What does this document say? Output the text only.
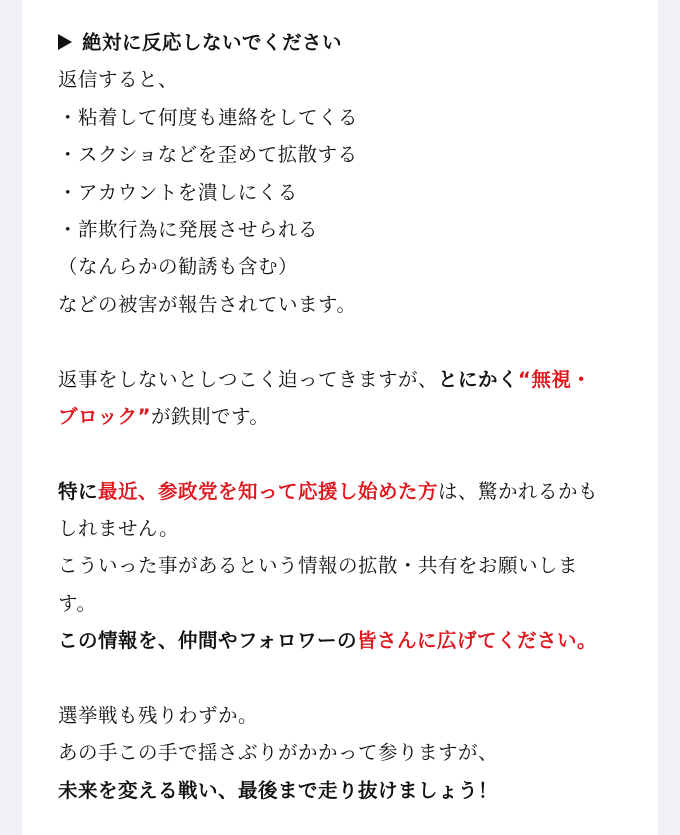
絶対に反応しないでください
返信すると、
・粘着して何度も連絡をしてくる
・スクショなどを歪めて拡散する
・アカウントを潰しにくる
・詐欺行為に発展させられる
（なんらかの勧誘も含む）
などの被害が報告されています。
返事をしないとしつこく迫ってきますが、とにかく“無視・
ブロック”が鉄則です。
特に最近、参政党を知って応援し始めた方は、驚かれるかも
しれません。
こういった事があるという情報の拡散・共有をお願いしま
す。
この情報を、仲間やフォロワーの皆さんに広げてください。
選挙戦も残りわずか。
あの手この手で揺さぶりがかかって参りますが、
未来を変える戦い、最後まで走り抜けましょう！
